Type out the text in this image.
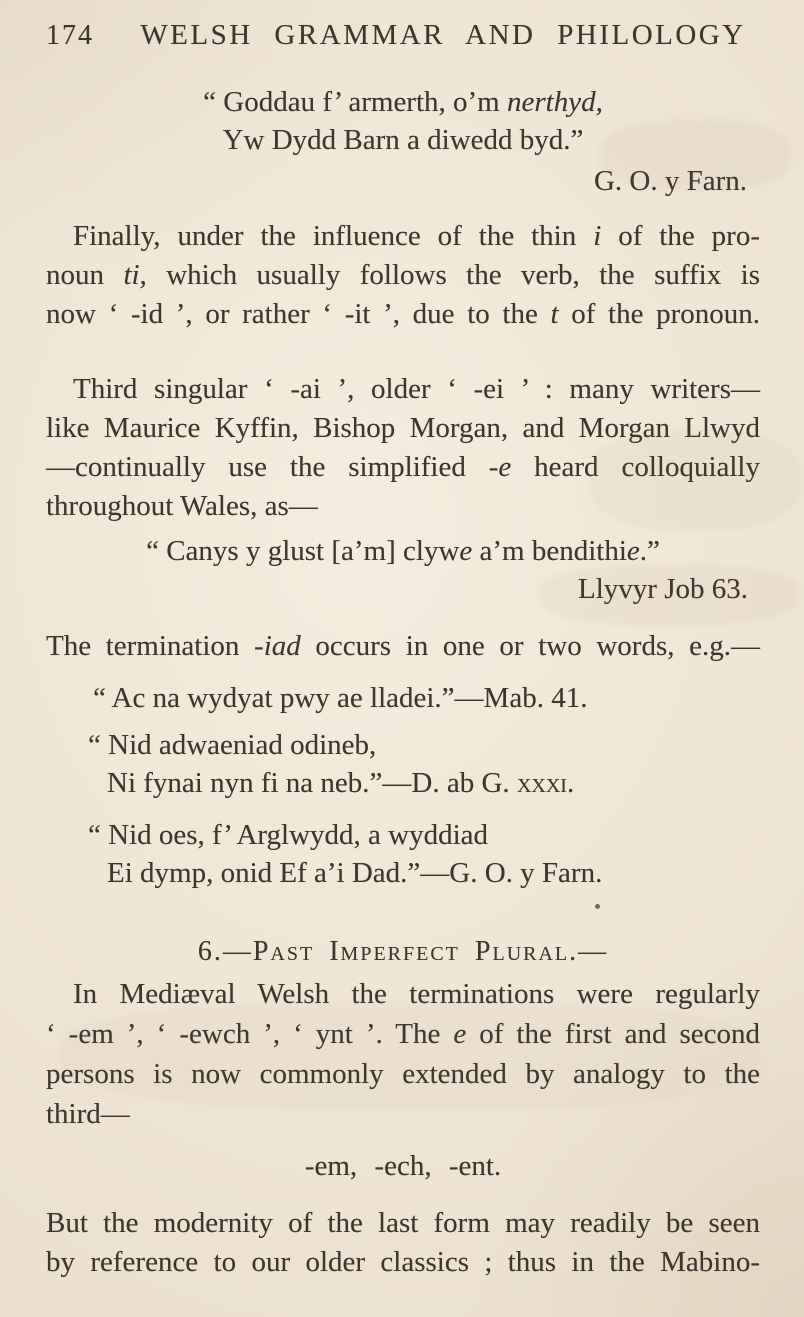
174	WELSH GRAMMAR AND PHILOLOGY
“ Goddau f’ armerth, o’m nerthyd,
Yw Dydd Barn a diwedd byd.”
G. O. y Farn.
Finally, under the influence of the thin i of the pro-
noun ti, which usually follows the verb, the suffix is
now ‘ -id ’, or rather ‘ -it ’, due to the t of the pronoun.
Third singular ‘ -ai ’, older ‘ -ei ’ : many writers—
like Maurice Kyffin, Bishop Morgan, and Morgan Llwyd
—continually use the simplified -e heard colloquially
throughout Wales, as—
“ Canys y glust [a’m] clywe a’m bendithie.”
Llyvyr Job 63.
The termination -iad occurs in one or two words, e.g.—
“ Ac na wydyat pwy ae lladei.”—Mab. 41.
“ Nid adwaeniad odineb,
Ni fynai nyn fi na neb.”—D. ab G. xxxi.
“ Nid oes, f’ Arglwydd, a wyddiad
Ei dymp, onid Ef a’i Dad.”—G. O. y Farn.
6.—Past Imperfect Plural.—
In Mediæval Welsh the terminations were regularly
‘ -em ’, ‘ -ewch ’, ‘ ynt ’. The e of the first and second
persons is now commonly extended by analogy to the
third—
-em, -ech, -ent.
But the modernity of the last form may readily be seen
by reference to our older classics ; thus in the Mabino-
